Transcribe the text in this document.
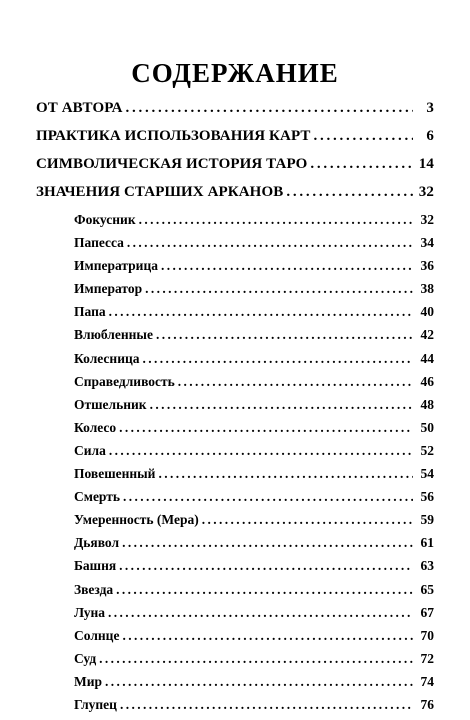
СОДЕРЖАНИЕ
ОТ АВТОРА . . .	3
ПРАКТИКА ИСПОЛЬЗОВАНИЯ КАРТ . . .	6
СИМВОЛИЧЕСКАЯ ИСТОРИЯ ТАРО . . .	14
ЗНАЧЕНИЯ СТАРШИХ АРКАНОВ . . .	32
Фокусник . . .	32
Папесса . . .	34
Императрица . . .	36
Император . . .	38
Папа . . .	40
Влюбленные . . .	42
Колесница . . .	44
Справедливость . . .	46
Отшельник . . .	48
Колесо . . .	50
Сила . . .	52
Повешенный . . .	54
Смерть . . .	56
Умеренность (Мера) . . .	59
Дьявол . . .	61
Башня . . .	63
Звезда . . .	65
Луна . . .	67
Солнце . . .	70
Суд . . .	72
Мир . . .	74
Глупец . . .	76
